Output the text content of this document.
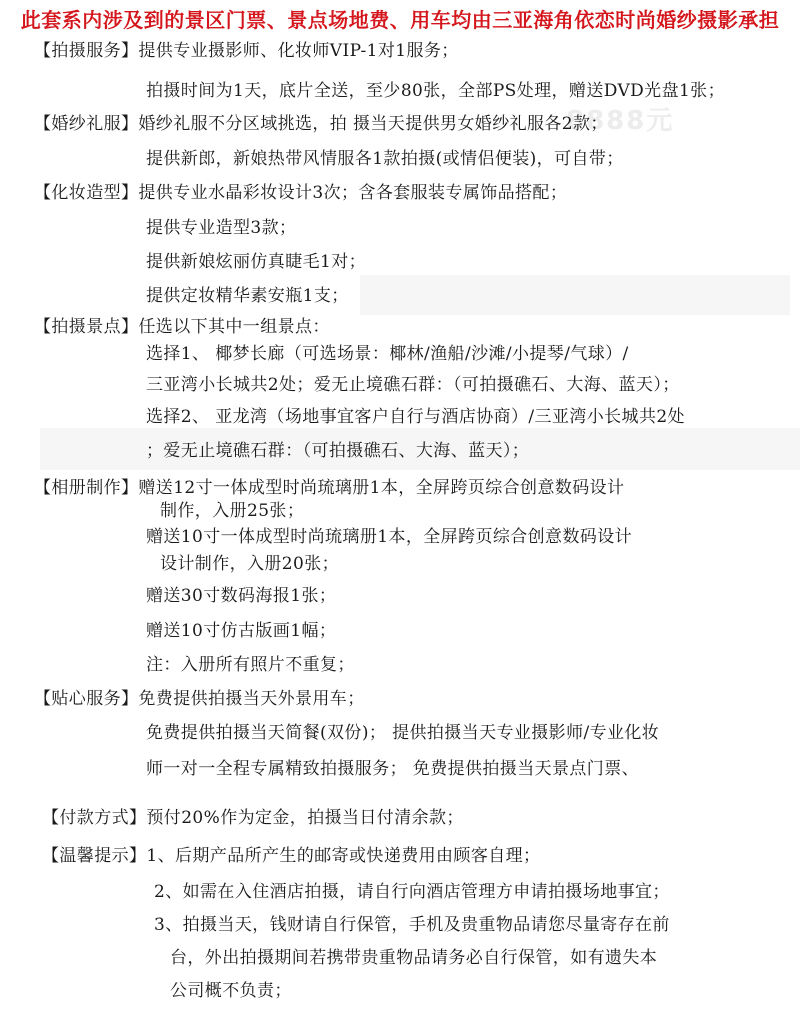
8888元
此套系内涉及到的景区门票、景点场地费、用车均由三亚海角依恋时尚婚纱摄影承担
【拍摄服务】提供专业摄影师、化妆师VIP-1对1服务；
拍摄时间为1天，底片全送，至少80张，全部PS处理，赠送DVD光盘1张；
【婚纱礼服】婚纱礼服不分区域挑选，拍 摄当天提供男女婚纱礼服各2款；
提供新郎，新娘热带风情服各1款拍摄(或情侣便装)，可自带；
【化妆造型】提供专业水晶彩妆设计3次；含各套服装专属饰品搭配；
提供专业造型3款；
提供新娘炫丽仿真睫毛1对；
提供定妆精华素安瓶1支；
【拍摄景点】任选以下其中一组景点：
选择1、 椰梦长廊（可选场景：椰林/渔船/沙滩/小提琴/气球）/
三亚湾小长城共2处；爱无止境礁石群：（可拍摄礁石、大海、蓝天）；
选择2、 亚龙湾（场地事宜客户自行与酒店协商）/三亚湾小长城共2处
；爱无止境礁石群：（可拍摄礁石、大海、蓝天）；
【相册制作】赠送12寸一体成型时尚琉璃册1本，全屏跨页综合创意数码设计
制作，入册25张；
赠送10寸一体成型时尚琉璃册1本，全屏跨页综合创意数码设计
设计制作，入册20张；
赠送30寸数码海报1张；
赠送10寸仿古版画1幅；
注：入册所有照片不重复；
【贴心服务】免费提供拍摄当天外景用车；
免费提供拍摄当天简餐(双份)； 提供拍摄当天专业摄影师/专业化妆
师一对一全程专属精致拍摄服务； 免费提供拍摄当天景点门票、
【付款方式】预付20%作为定金，拍摄当日付清余款；
【温馨提示】1、后期产品所产生的邮寄或快递费用由顾客自理；
2、如需在入住酒店拍摄，请自行向酒店管理方申请拍摄场地事宜；
3、拍摄当天，钱财请自行保管，手机及贵重物品请您尽量寄存在前
台，外出拍摄期间若携带贵重物品请务必自行保管，如有遗失本
公司概不负责；
